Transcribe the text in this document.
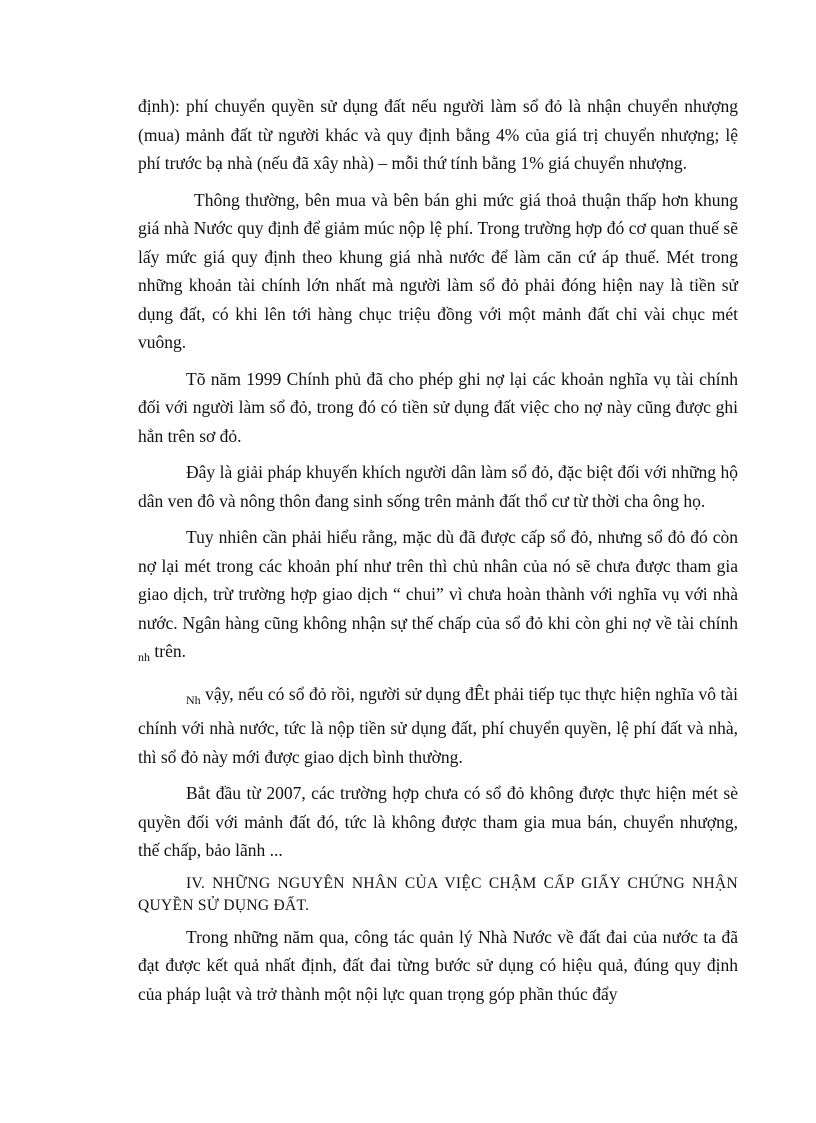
định): phí chuyển quyền sử dụng đất nếu người làm sổ đỏ là nhận chuyển nhượng (mua) mảnh đất từ người khác và quy định bằng 4% của giá trị chuyển nhượng; lệ phí trước bạ nhà (nếu đã xây nhà) – mỗi thứ tính bằng 1% giá chuyển nhượng.

Thông thường, bên mua và bên bán ghi mức giá thoả thuận thấp hơn khung giá nhà Nước quy định để giảm múc nộp lệ phí. Trong trường hợp đó cơ quan thuế sẽ lấy mức giá quy định theo khung giá nhà nước để làm căn cứ áp thuế. Mét trong những khoản tài chính lớn nhất mà người làm sổ đỏ phải đóng hiện nay là tiền sử dụng đất, có khi lên tới hàng chục triệu đồng với một mảnh đất chỉ vài chục mét vuông.

Tõ năm 1999 Chính phủ đã cho phép ghi nợ lại các khoản nghĩa vụ tài chính đối với người làm sổ đỏ, trong đó có tiền sử dụng đất việc cho nợ này cũng được ghi hẳn trên sơ đỏ.

Đây là giải pháp khuyến khích người dân làm sổ đỏ, đặc biệt đối với những hộ dân ven đô và nông thôn đang sinh sống trên mảnh đất thổ cư từ thời cha ông họ.

Tuy nhiên cần phải hiểu rằng, mặc dù đã được cấp sổ đỏ, nhưng sổ đỏ đó còn nợ lại mét trong các khoản phí như trên thì chủ nhân của nó sẽ chưa được tham gia giao dịch, trừ trường hợp giao dịch “ chui” vì chưa hoàn thành với nghĩa vụ với nhà nước. Ngân hàng cũng không nhận sự thế chấp của sổ đỏ khi còn ghi nợ về tài chính $_{nh}$ trên.

$_{Nh}$ vậy, nếu có sổ đỏ rồi, người sử dụng đÊt phải tiếp tục thực hiện nghĩa vô tài chính với nhà nước, tức là nộp tiền sử dụng đất, phí chuyển quyền, lệ phí đất và nhà, thì sổ đỏ này mới được giao dịch bình thường.

Bắt đầu từ 2007, các trường hợp chưa có sổ đỏ không được thực hiện mét sè quyền đối với mảnh đất đó, tức là không được tham gia mua bán, chuyển nhượng, thế chấp, bảo lãnh ...

IV. NHỮNG NGUYÊN NHÂN CỦA VIỆC CHẬM CẤP GIẤY CHỨNG NHẬN QUYỀN SỬ DỤNG ĐẤT.

Trong những năm qua, công tác quản lý Nhà Nước về đất đai của nước ta đã đạt được kết quả nhất định, đất đai từng bước sử dụng có hiệu quả, đúng quy định của pháp luật và trở thành một nội lực quan trọng góp phần thúc đẩy
